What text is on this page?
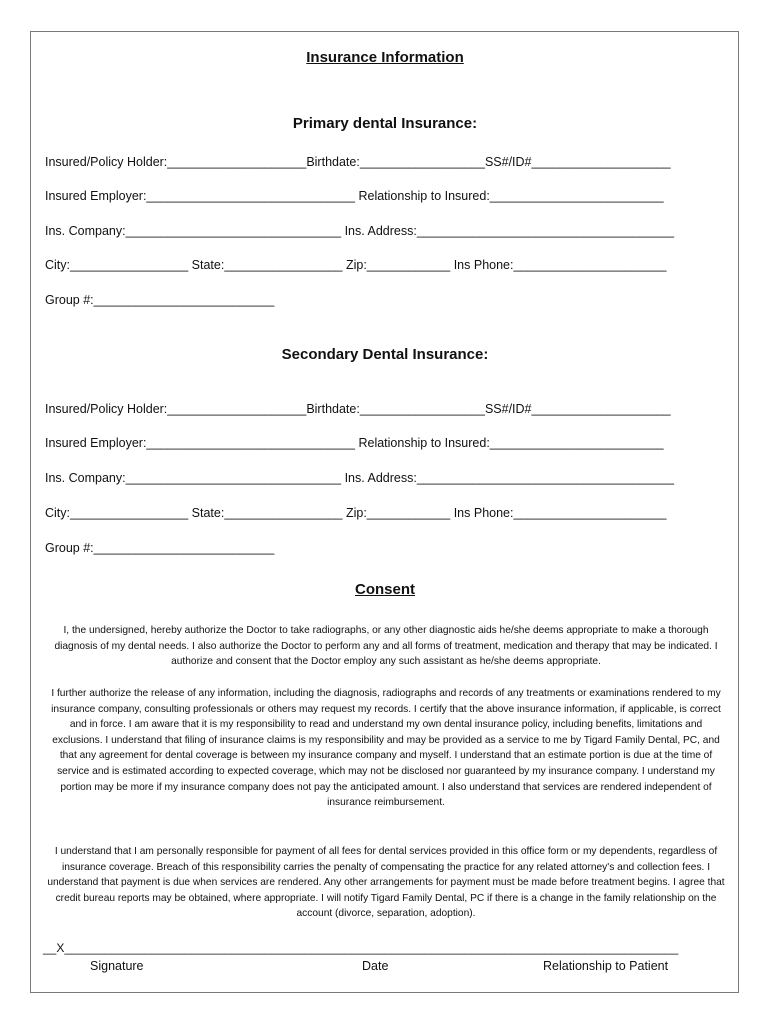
Insurance Information
Primary dental Insurance:
Insured/Policy Holder:____________________Birthdate:__________________SS#/ID#____________________
Insured Employer:______________________________ Relationship to Insured:_________________________
Ins. Company:_______________________________ Ins. Address:_____________________________________
City:_________________ State:_________________ Zip:____________ Ins Phone:______________________
Group #:__________________________
Secondary Dental Insurance:
Insured/Policy Holder:____________________Birthdate:__________________SS#/ID#____________________
Insured Employer:______________________________ Relationship to Insured:_________________________
Ins. Company:_______________________________ Ins. Address:_____________________________________
City:_________________ State:_________________ Zip:____________ Ins Phone:______________________
Group #:__________________________
Consent
I, the undersigned, hereby authorize the Doctor to take radiographs, or any other diagnostic aids he/she deems appropriate to make a thorough diagnosis of my dental needs. I also authorize the Doctor to perform any and all forms of treatment, medication and therapy that may be indicated. I authorize and consent that the Doctor employ any such assistant as he/she deems appropriate.
I further authorize the release of any information, including the diagnosis, radiographs and records of any treatments or examinations rendered to my insurance company, consulting professionals or others may request my records. I certify that the above insurance information, if applicable, is correct and in force. I am aware that it is my responsibility to read and understand my own dental insurance policy, including benefits, limitations and exclusions. I understand that filing of insurance claims is my responsibility and may be provided as a service to me by Tigard Family Dental, PC, and that any agreement for dental coverage is between my insurance company and myself. I understand that an estimate portion is due at the time of service and is estimated according to expected coverage, which may not be disclosed nor guaranteed by my insurance company. I understand my portion may be more if my insurance company does not pay the anticipated amount. I also understand that services are rendered independent of insurance reimbursement.
I understand that I am personally responsible for payment of all fees for dental services provided in this office form or my dependents, regardless of insurance coverage. Breach of this responsibility carries the penalty of compensating the practice for any related attorney's and collection fees. I understand that payment is due when services are rendered. Any other arrangements for payment must be made before treatment begins. I agree that credit bureau reports may be obtained, where appropriate. I will notify Tigard Family Dental, PC if there is a change in the family relationship on the account (divorce, separation, adoption).
__X____________________________________________________________________________________________
Signature	Date	Relationship to Patient
